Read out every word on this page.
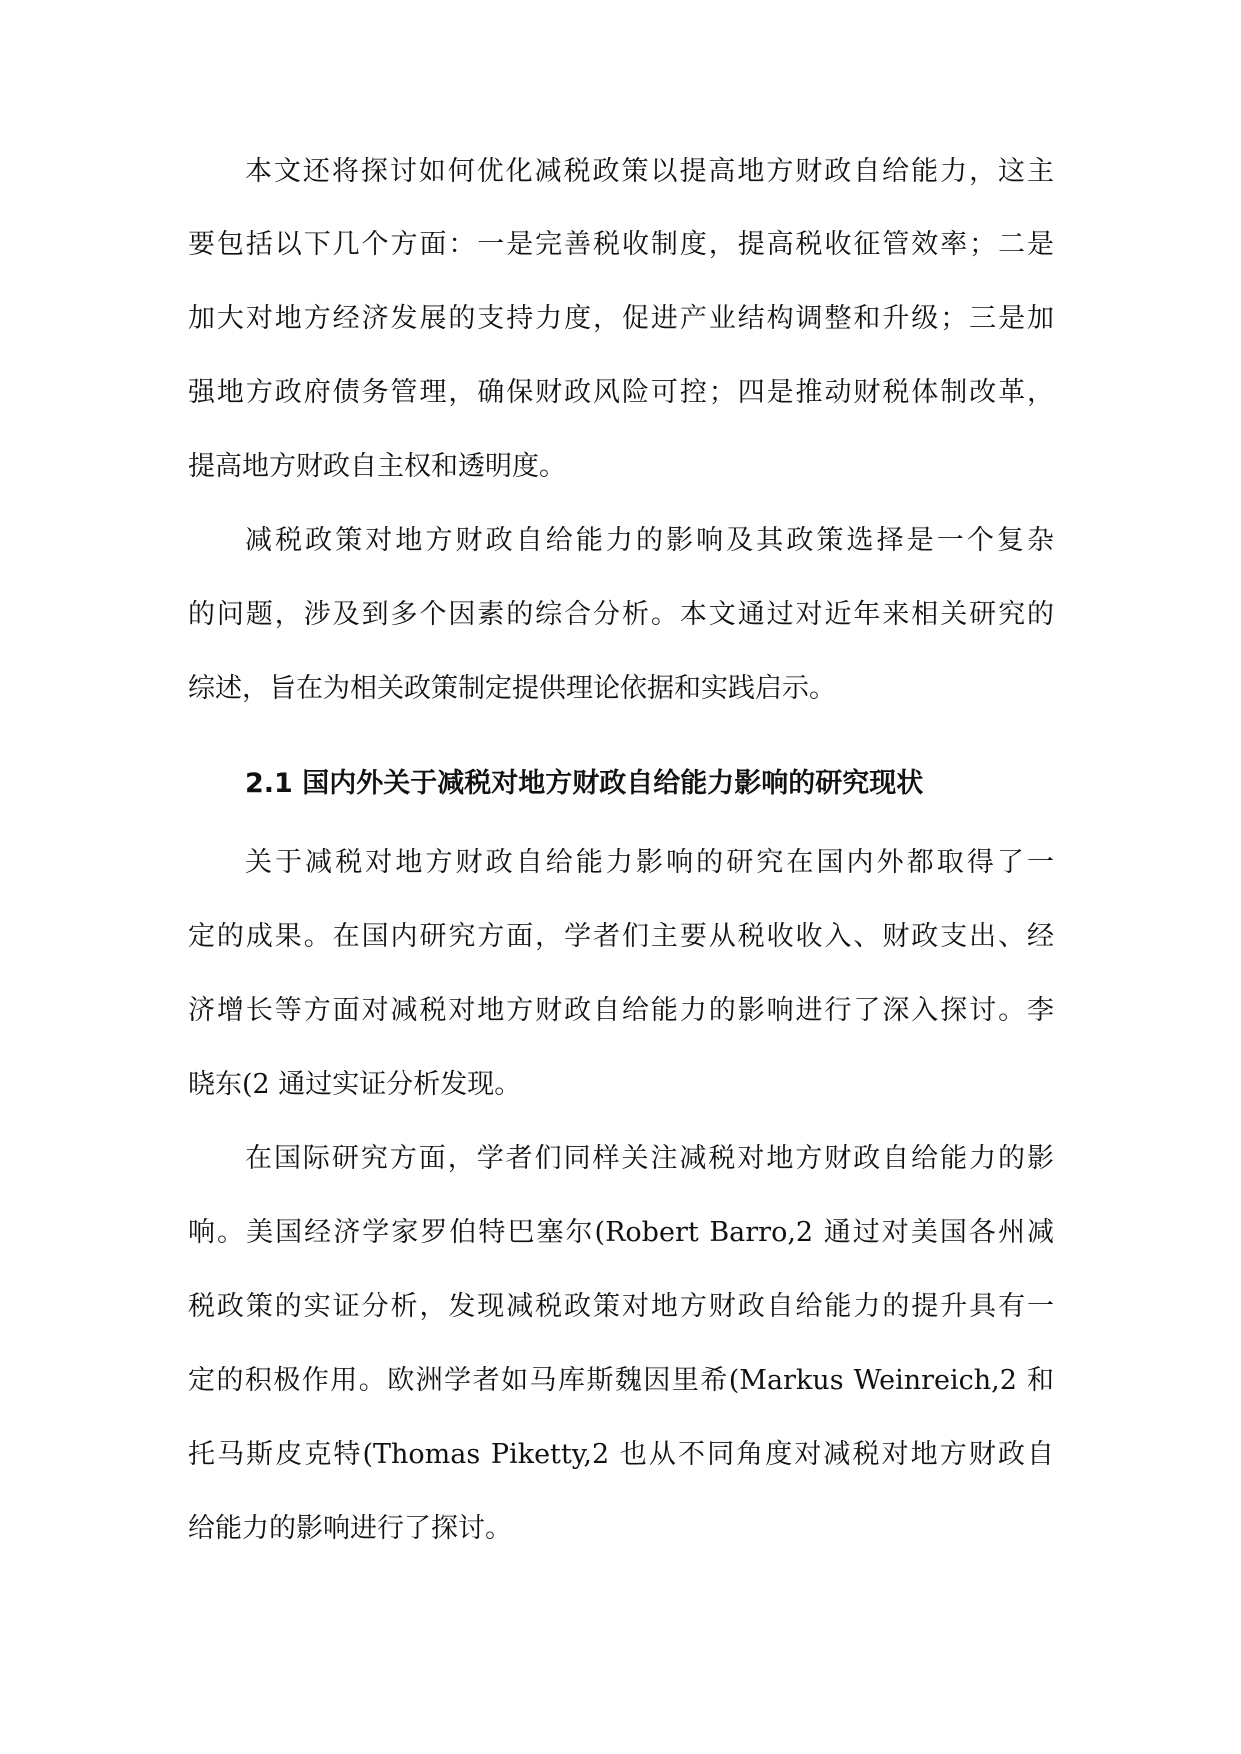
本文还将探讨如何优化减税政策以提高地方财政自给能力，这主
要包括以下几个方面：一是完善税收制度，提高税收征管效率；二是
加大对地方经济发展的支持力度，促进产业结构调整和升级；三是加
强地方政府债务管理，确保财政风险可控；四是推动财税体制改革，
提高地方财政自主权和透明度。
减税政策对地方财政自给能力的影响及其政策选择是一个复杂
的问题，涉及到多个因素的综合分析。本文通过对近年来相关研究的
综述，旨在为相关政策制定提供理论依据和实践启示。
2.1 国内外关于减税对地方财政自给能力影响的研究现状
关于减税对地方财政自给能力影响的研究在国内外都取得了一
定的成果。在国内研究方面，学者们主要从税收收入、财政支出、经
济增长等方面对减税对地方财政自给能力的影响进行了深入探讨。李
晓东(2 通过实证分析发现。
在国际研究方面，学者们同样关注减税对地方财政自给能力的影
响。美国经济学家罗伯特巴塞尔(Robert Barro,2 通过对美国各州减
税政策的实证分析，发现减税政策对地方财政自给能力的提升具有一
定的积极作用。欧洲学者如马库斯魏因里希(Markus Weinreich,2 和
托马斯皮克特(Thomas Piketty,2 也从不同角度对减税对地方财政自
给能力的影响进行了探讨。
